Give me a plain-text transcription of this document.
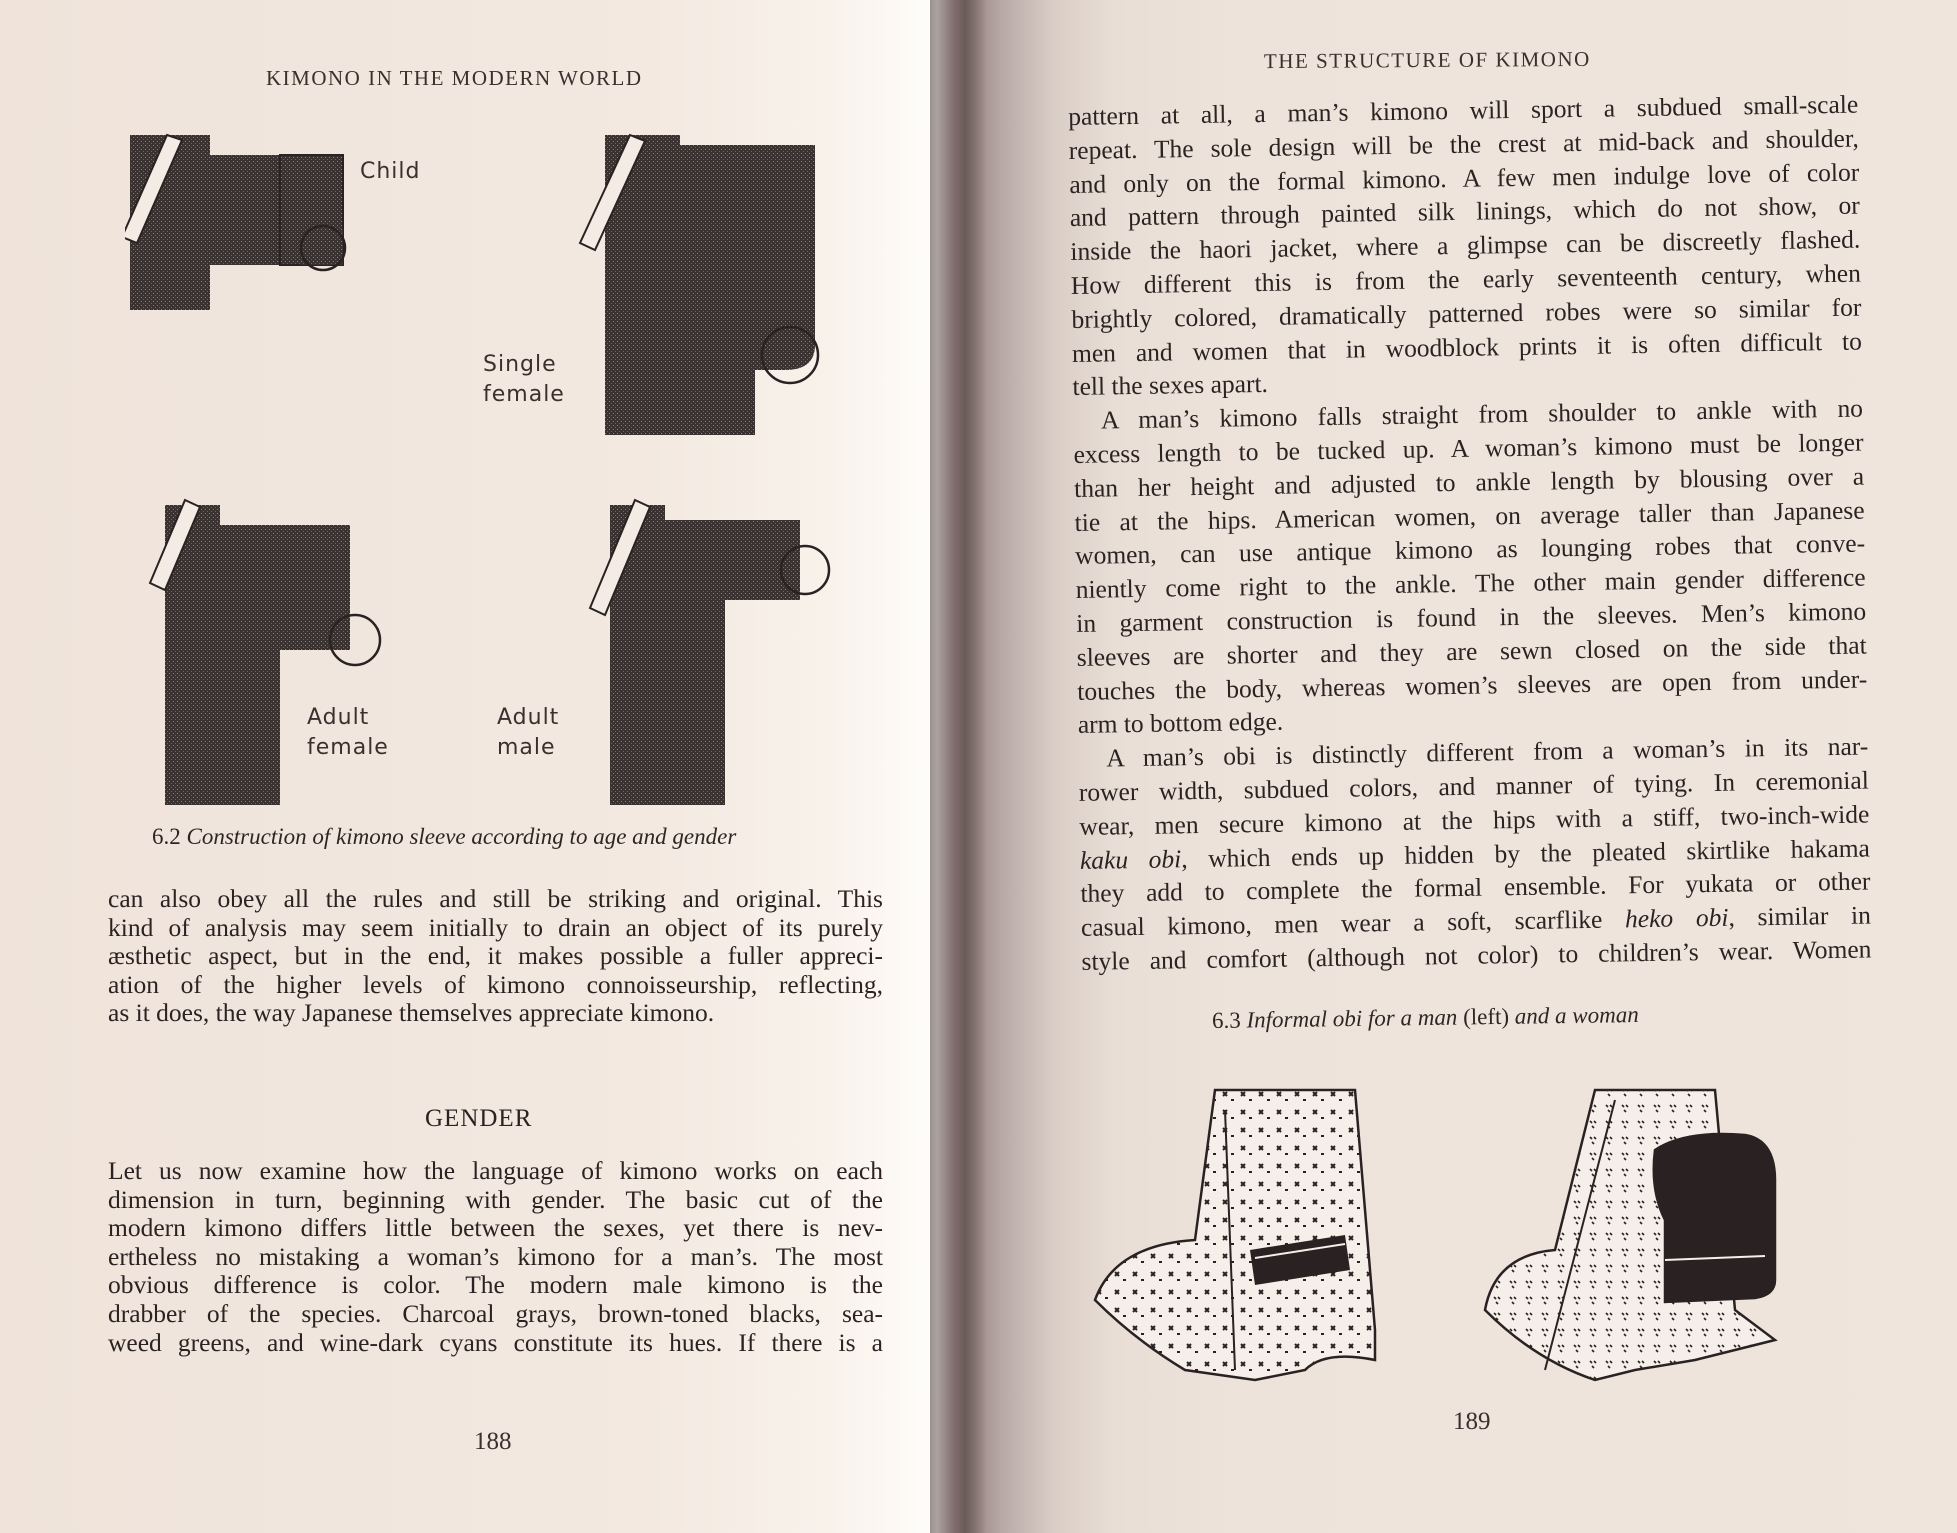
KIMONO IN THE MODERN WORLD
Child
Single
female
Adult
female
Adult
male
6.2 Construction of kimono sleeve according to age and gender
can also obey all the rules and still be striking and original. This
kind of analysis may seem initially to drain an object of its purely
æsthetic aspect, but in the end, it makes possible a fuller appreci-
ation of the higher levels of kimono connoisseurship, reflecting,
as it does, the way Japanese themselves appreciate kimono.
GENDER
Let us now examine how the language of kimono works on each
dimension in turn, beginning with gender. The basic cut of the
modern kimono differs little between the sexes, yet there is nev-
ertheless no mistaking a woman’s kimono for a man’s. The most
obvious difference is color. The modern male kimono is the
drabber of the species. Charcoal grays, brown-toned blacks, sea-
weed greens, and wine-dark cyans constitute its hues. If there is a
188
THE STRUCTURE OF KIMONO
pattern at all, a man’s kimono will sport a subdued small-scale
repeat. The sole design will be the crest at mid-back and shoulder,
and only on the formal kimono. A few men indulge love of color
and pattern through painted silk linings, which do not show, or
inside the haori jacket, where a glimpse can be discreetly flashed.
How different this is from the early seventeenth century, when
brightly colored, dramatically patterned robes were so similar for
men and women that in woodblock prints it is often difficult to
tell the sexes apart.
A man’s kimono falls straight from shoulder to ankle with no
excess length to be tucked up. A woman’s kimono must be longer
than her height and adjusted to ankle length by blousing over a
tie at the hips. American women, on average taller than Japanese
women, can use antique kimono as lounging robes that conve-
niently come right to the ankle. The other main gender difference
in garment construction is found in the sleeves. Men’s kimono
sleeves are shorter and they are sewn closed on the side that
touches the body, whereas women’s sleeves are open from under-
arm to bottom edge.
A man’s obi is distinctly different from a woman’s in its nar-
rower width, subdued colors, and manner of tying. In ceremonial
wear, men secure kimono at the hips with a stiff, two-inch-wide
kaku obi, which ends up hidden by the pleated skirtlike hakama
they add to complete the formal ensemble. For yukata or other
casual kimono, men wear a soft, scarflike heko obi, similar in
style and comfort (although not color) to children’s wear. Women
6.3 Informal obi for a man (left) and a woman
189
